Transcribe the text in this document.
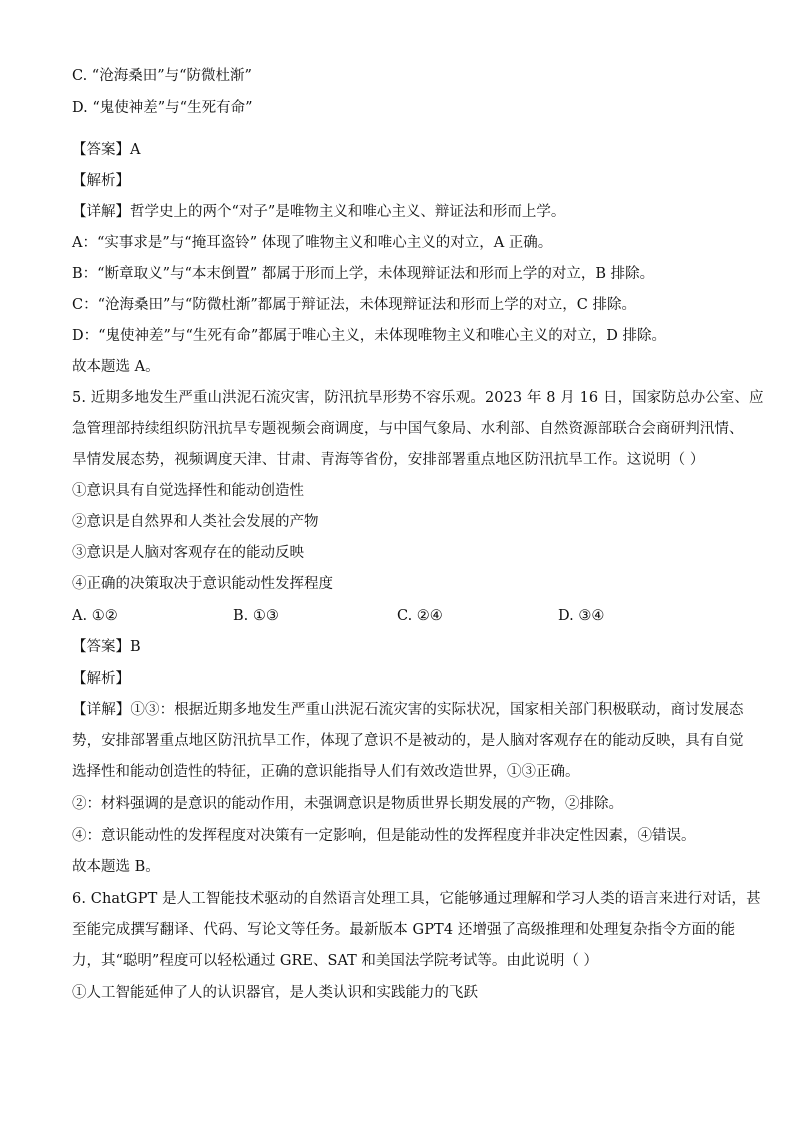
C. “沧海桑田”与“防微杜渐”
D. “鬼使神差”与“生死有命”
【答案】A
【解析】
【详解】哲学史上的两个“对子”是唯物主义和唯心主义、辩证法和形而上学。
A：“实事求是”与“掩耳盗铃” 体现了唯物主义和唯心主义的对立，A 正确。
B：“断章取义”与“本末倒置” 都属于形而上学，未体现辩证法和形而上学的对立，B 排除。
C：“沧海桑田”与“防微杜渐”都属于辩证法，未体现辩证法和形而上学的对立，C 排除。
D：“鬼使神差”与“生死有命”都属于唯心主义，未体现唯物主义和唯心主义的对立，D 排除。
故本题选 A。
5. 近期多地发生严重山洪泥石流灾害，防汛抗旱形势不容乐观。2023 年 8 月 16 日，国家防总办公室、应
急管理部持续组织防汛抗旱专题视频会商调度，与中国气象局、水利部、自然资源部联合会商研判汛情、
旱情发展态势，视频调度天津、甘肃、青海等省份，安排部署重点地区防汛抗旱工作。这说明（ ）
①意识具有自觉选择性和能动创造性
②意识是自然界和人类社会发展的产物
③意识是人脑对客观存在的能动反映
④正确的决策取决于意识能动性发挥程度
A. ①②	B. ①③	C. ②④	D. ③④
【答案】B
【解析】
【详解】①③：根据近期多地发生严重山洪泥石流灾害的实际状况，国家相关部门积极联动，商讨发展态
势，安排部署重点地区防汛抗旱工作，体现了意识不是被动的，是人脑对客观存在的能动反映，具有自觉
选择性和能动创造性的特征，正确的意识能指导人们有效改造世界，①③正确。
②：材料强调的是意识的能动作用，未强调意识是物质世界长期发展的产物，②排除。
④：意识能动性的发挥程度对决策有一定影响，但是能动性的发挥程度并非决定性因素，④错误。
故本题选 B。
6. ChatGPT 是人工智能技术驱动的自然语言处理工具，它能够通过理解和学习人类的语言来进行对话，甚
至能完成撰写翻译、代码、写论文等任务。最新版本 GPT4 还增强了高级推理和处理复杂指令方面的能
力，其“聪明”程度可以轻松通过 GRE、SAT 和美国法学院考试等。由此说明（ ）
①人工智能延伸了人的认识器官，是人类认识和实践能力的飞跃
